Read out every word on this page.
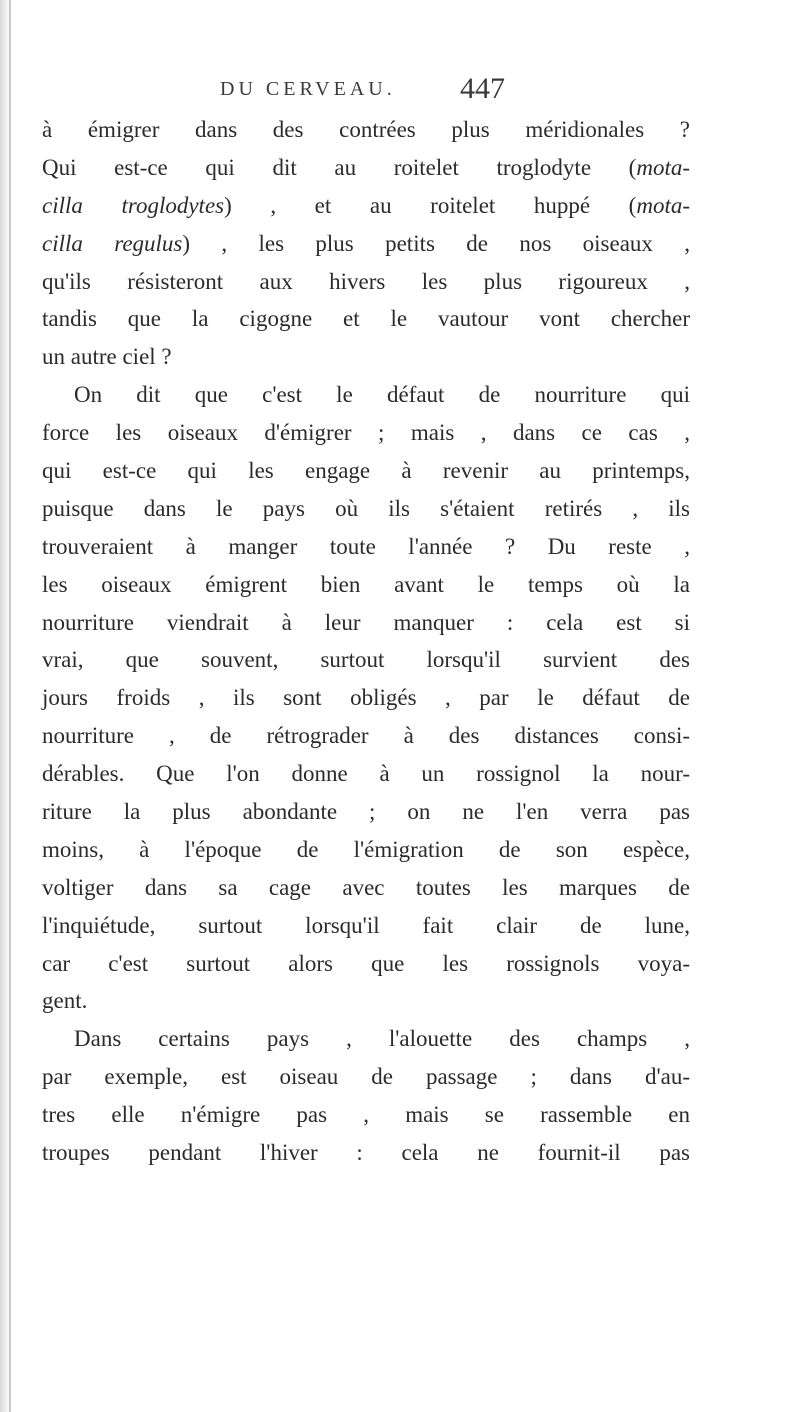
DU CERVEAU. 447
à émigrer dans des contrées plus méridionales ?
Qui est-ce qui dit au roitelet troglodyte (mota-
cilla troglodytes) , et au roitelet huppé (mota-
cilla regulus) , les plus petits de nos oiseaux ,
qu'ils résisteront aux hivers les plus rigoureux ,
tandis que la cigogne et le vautour vont chercher
un autre ciel ?
On dit que c'est le défaut de nourriture qui
force les oiseaux d'émigrer ; mais , dans ce cas ,
qui est-ce qui les engage à revenir au printemps,
puisque dans le pays où ils s'étaient retirés , ils
trouveraient à manger toute l'année ? Du reste ,
les oiseaux émigrent bien avant le temps où la
nourriture viendrait à leur manquer : cela est si
vrai, que souvent, surtout lorsqu'il survient des
jours froids , ils sont obligés , par le défaut de
nourriture , de rétrograder à des distances consi-
dérables. Que l'on donne à un rossignol la nour-
riture la plus abondante ; on ne l'en verra pas
moins, à l'époque de l'émigration de son espèce,
voltiger dans sa cage avec toutes les marques de
l'inquiétude, surtout lorsqu'il fait clair de lune,
car c'est surtout alors que les rossignols voya-
gent.
Dans certains pays , l'alouette des champs ,
par exemple, est oiseau de passage ; dans d'au-
tres elle n'émigre pas , mais se rassemble en
troupes pendant l'hiver : cela ne fournit-il pas
